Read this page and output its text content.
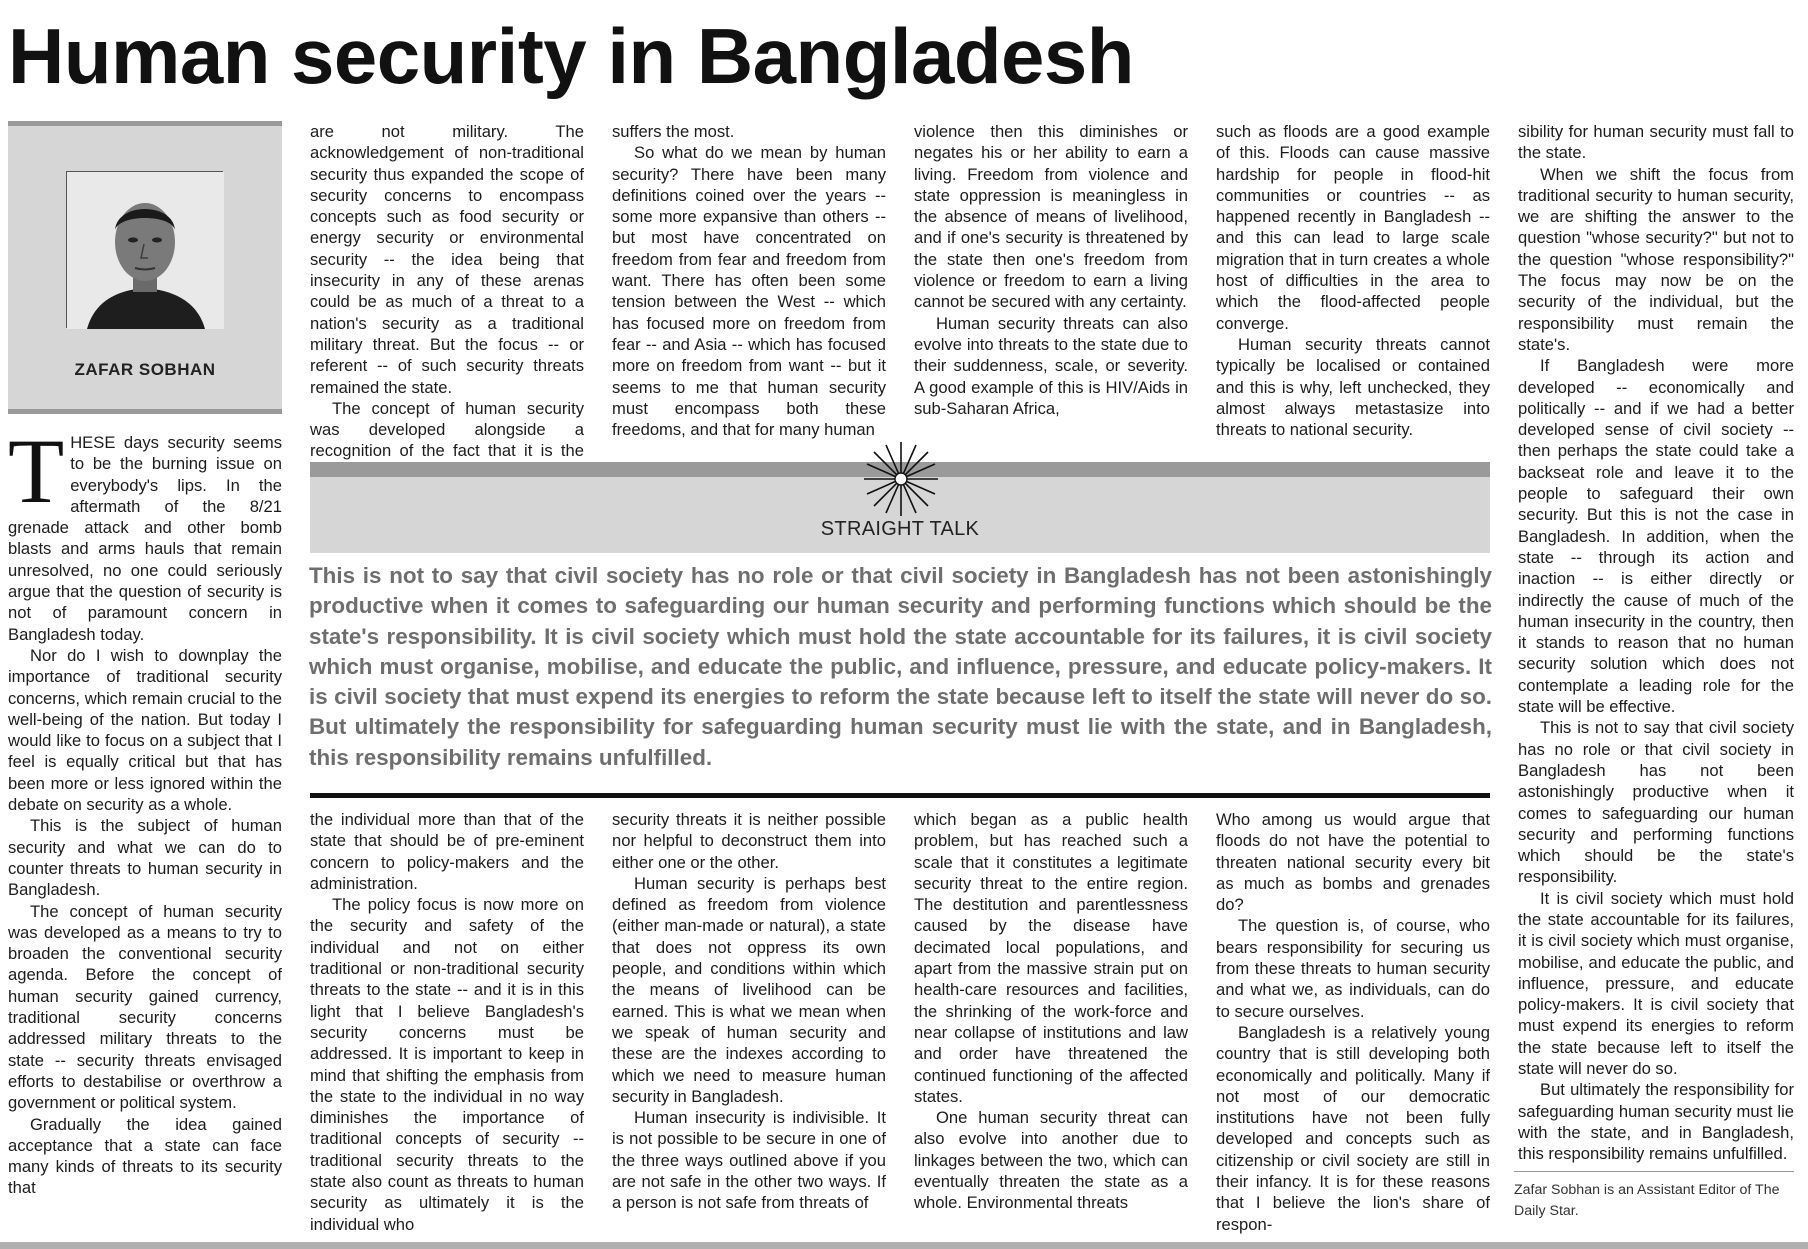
Human security in Bangladesh
ZAFAR SOBHAN

THESE days security seems to be the burning issue on everybody's lips. In the aftermath of the 8/21 grenade attack and other bomb blasts and arms hauls that remain unresolved, no one could seriously argue that the question of security is not of paramount concern in Bangladesh today.

Nor do I wish to downplay the importance of traditional security concerns, which remain crucial to the well-being of the nation. But today I would like to focus on a subject that I feel is equally critical but that has been more or less ignored within the debate on security as a whole.

This is the subject of human security and what we can do to counter threats to human security in Bangladesh.

The concept of human security was developed as a means to try to broaden the conventional security agenda. Before the concept of human security gained currency, traditional security concerns addressed military threats to the state -- security threats envisaged efforts to destabilise or overthrow a government or political system.

Gradually the idea gained acceptance that a state can face many kinds of threats to its security that

are not military. The acknowledgement of non-traditional security thus expanded the scope of security concerns to encompass concepts such as food security or energy security or environmental security -- the idea being that insecurity in any of these arenas could be as much of a threat to a nation's security as a traditional military threat. But the focus -- or referent -- of such security threats remained the state.

The concept of human security was developed alongside a recognition of the fact that it is the

suffers the most.

So what do we mean by human security? There have been many definitions coined over the years -- some more expansive than others -- but most have concentrated on freedom from fear and freedom from want. There has often been some tension between the West -- which has focused more on freedom from fear -- and Asia -- which has focused more on freedom from want -- but it seems to me that human security must encompass both these freedoms, and that for many human

violence then this diminishes or negates his or her ability to earn a living. Freedom from violence and state oppression is meaningless in the absence of means of livelihood, and if one's security is threatened by the state then one's freedom from violence or freedom to earn a living cannot be secured with any certainty.

Human security threats can also evolve into threats to the state due to their suddenness, scale, or severity. A good example of this is HIV/Aids in sub-Saharan Africa,

such as floods are a good example of this. Floods can cause massive hardship for people in flood-hit communities or countries -- as happened recently in Bangladesh -- and this can lead to large scale migration that in turn creates a whole host of difficulties in the area to which the flood-affected people converge.

Human security threats cannot typically be localised or contained and this is why, left unchecked, they almost always metastasize into threats to national security.

STRAIGHT TALK

This is not to say that civil society has no role or that civil society in Bangladesh has not been astonishingly productive when it comes to safeguarding our human security and performing functions which should be the state's responsibility. It is civil society which must hold the state accountable for its failures, it is civil society which must organise, mobilise, and educate the public, and influence, pressure, and educate policy-makers. It is civil society that must expend its energies to reform the state because left to itself the state will never do so. But ultimately the responsibility for safeguarding human security must lie with the state, and in Bangladesh, this responsibility remains unfulfilled.

the individual more than that of the state that should be of pre-eminent concern to policy-makers and the administration.

The policy focus is now more on the security and safety of the individual and not on either traditional or non-traditional security threats to the state -- and it is in this light that I believe Bangladesh's security concerns must be addressed. It is important to keep in mind that shifting the emphasis from the state to the individual in no way diminishes the importance of traditional concepts of security -- traditional security threats to the state also count as threats to human security as ultimately it is the individual who

security threats it is neither possible nor helpful to deconstruct them into either one or the other.

Human security is perhaps best defined as freedom from violence (either man-made or natural), a state that does not oppress its own people, and conditions within which the means of livelihood can be earned. This is what we mean when we speak of human security and these are the indexes according to which we need to measure human security in Bangladesh.

Human insecurity is indivisible. It is not possible to be secure in one of the three ways outlined above if you are not safe in the other two ways. If a person is not safe from threats of

which began as a public health problem, but has reached such a scale that it constitutes a legitimate security threat to the entire region. The destitution and parentlessness caused by the disease have decimated local populations, and apart from the massive strain put on health-care resources and facilities, the shrinking of the work-force and near collapse of institutions and law and order have threatened the continued functioning of the affected states.

One human security threat can also evolve into another due to linkages between the two, which can eventually threaten the state as a whole. Environmental threats

Who among us would argue that floods do not have the potential to threaten national security every bit as much as bombs and grenades do?

The question is, of course, who bears responsibility for securing us from these threats to human security and what we, as individuals, can do to secure ourselves.

Bangladesh is a relatively young country that is still developing both economically and politically. Many if not most of our democratic institutions have not been fully developed and concepts such as citizenship or civil society are still in their infancy. It is for these reasons that I believe the lion's share of respon-

sibility for human security must fall to the state.

When we shift the focus from traditional security to human security, we are shifting the answer to the question "whose security?" but not to the question "whose responsibility?" The focus may now be on the security of the individual, but the responsibility must remain the state's.

If Bangladesh were more developed -- economically and politically -- and if we had a better developed sense of civil society -- then perhaps the state could take a backseat role and leave it to the people to safeguard their own security. But this is not the case in Bangladesh. In addition, when the state -- through its action and inaction -- is either directly or indirectly the cause of much of the human insecurity in the country, then it stands to reason that no human security solution which does not contemplate a leading role for the state will be effective.

This is not to say that civil society has no role or that civil society in Bangladesh has not been astonishingly productive when it comes to safeguarding our human security and performing functions which should be the state's responsibility.

It is civil society which must hold the state accountable for its failures, it is civil society which must organise, mobilise, and educate the public, and influence, pressure, and educate policy-makers. It is civil society that must expend its energies to reform the state because left to itself the state will never do so.

But ultimately the responsibility for safeguarding human security must lie with the state, and in Bangladesh, this responsibility remains unfulfilled.

Zafar Sobhan is an Assistant Editor of The Daily Star.
